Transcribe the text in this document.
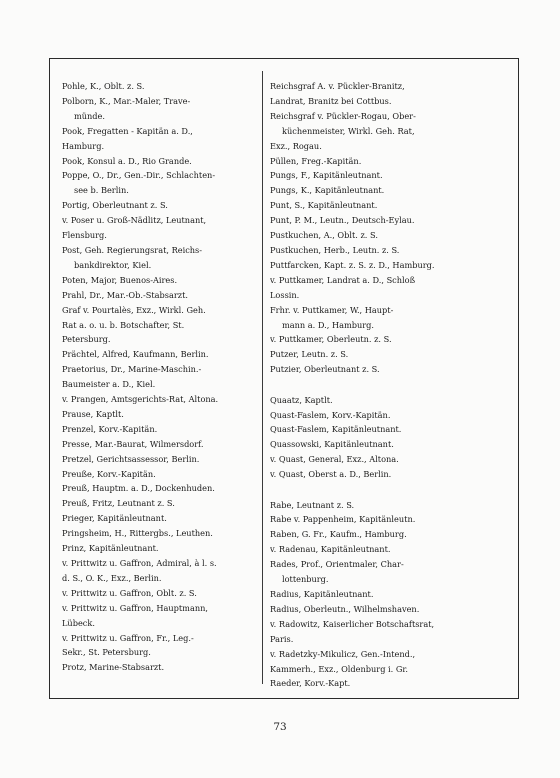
Pohle, K., Oblt. z. S.
Polborn, K., Mar.-Maler, Trave-
münde.
Pook, Fregatten - Kapitän a. D.,
Hamburg.
Pook, Konsul a. D., Rio Grande.
Poppe, O., Dr., Gen.-Dir., Schlachten-
see b. Berlin.
Portig, Oberleutnant z. S.
v. Poser u. Groß-Nädlitz, Leutnant,
Flensburg.
Post, Geh. Regierungsrat, Reichs-
bankdirektor, Kiel.
Poten, Major, Buenos-Aires.
Prahl, Dr., Mar.-Ob.-Stabsarzt.
Graf v. Pourtalès, Exz., Wirkl. Geh.
Rat a. o. u. b. Botschafter, St.
Petersburg.
Prächtel, Alfred, Kaufmann, Berlin.
Praetorius, Dr., Marine-Maschin.-
Baumeister a. D., Kiel.
v. Prangen, Amtsgerichts-Rat, Altona.
Prause, Kaptlt.
Prenzel, Korv.-Kapitän.
Presse, Mar.-Baurat, Wilmersdorf.
Pretzel, Gerichtsassessor, Berlin.
Preuße, Korv.-Kapitän.
Preuß, Hauptm. a. D., Dockenhuden.
Preuß, Fritz, Leutnant z. S.
Prieger, Kapitänleutnant.
Pringsheim, H., Rittergbs., Leuthen.
Prinz, Kapitänleutnant.
v. Prittwitz u. Gaffron, Admiral, à l. s.
d. S., O. K., Exz., Berlin.
v. Prittwitz u. Gaffron, Oblt. z. S.
v. Prittwitz u. Gaffron, Hauptmann,
Lübeck.
v. Prittwitz u. Gaffron, Fr., Leg.-
Sekr., St. Petersburg.
Protz, Marine-Stabsarzt.
Reichsgraf A. v. Pückler-Branitz,
Landrat, Branitz bei Cottbus.
Reichsgraf v. Pückler-Rogau, Ober-
küchenmeister, Wirkl. Geh. Rat,
Exz., Rogau.
Püllen, Freg.-Kapitän.
Pungs, F., Kapitänleutnant.
Pungs, K., Kapitänleutnant.
Punt, S., Kapitänleutnant.
Punt, P. M., Leutn., Deutsch-Eylau.
Pustkuchen, A., Oblt. z. S.
Pustkuchen, Herb., Leutn. z. S.
Puttfarcken, Kapt. z. S. z. D., Hamburg.
v. Puttkamer, Landrat a. D., Schloß
Lossin.
Frhr. v. Puttkamer, W., Haupt-
mann a. D., Hamburg.
v. Puttkamer, Oberleutn. z. S.
Putzer, Leutn. z. S.
Putzier, Oberleutnant z. S.
Quaatz, Kaptlt.
Quast-Faslem, Korv.-Kapitän.
Quast-Faslem, Kapitänleutnant.
Quassowski, Kapitänleutnant.
v. Quast, General, Exz., Altona.
v. Quast, Oberst a. D., Berlin.
Rabe, Leutnant z. S.
Rabe v. Pappenheim, Kapitänleutn.
Raben, G. Fr., Kaufm., Hamburg.
v. Radenau, Kapitänleutnant.
Rades, Prof., Orientmaler, Char-
lottenburg.
Radius, Kapitänleutnant.
Radius, Oberleutn., Wilhelmshaven.
v. Radowitz, Kaiserlicher Botschaftsrat,
Paris.
v. Radetzky-Mikulicz, Gen.-Intend.,
Kammerh., Exz., Oldenburg i. Gr.
Raeder, Korv.-Kapt.
73
